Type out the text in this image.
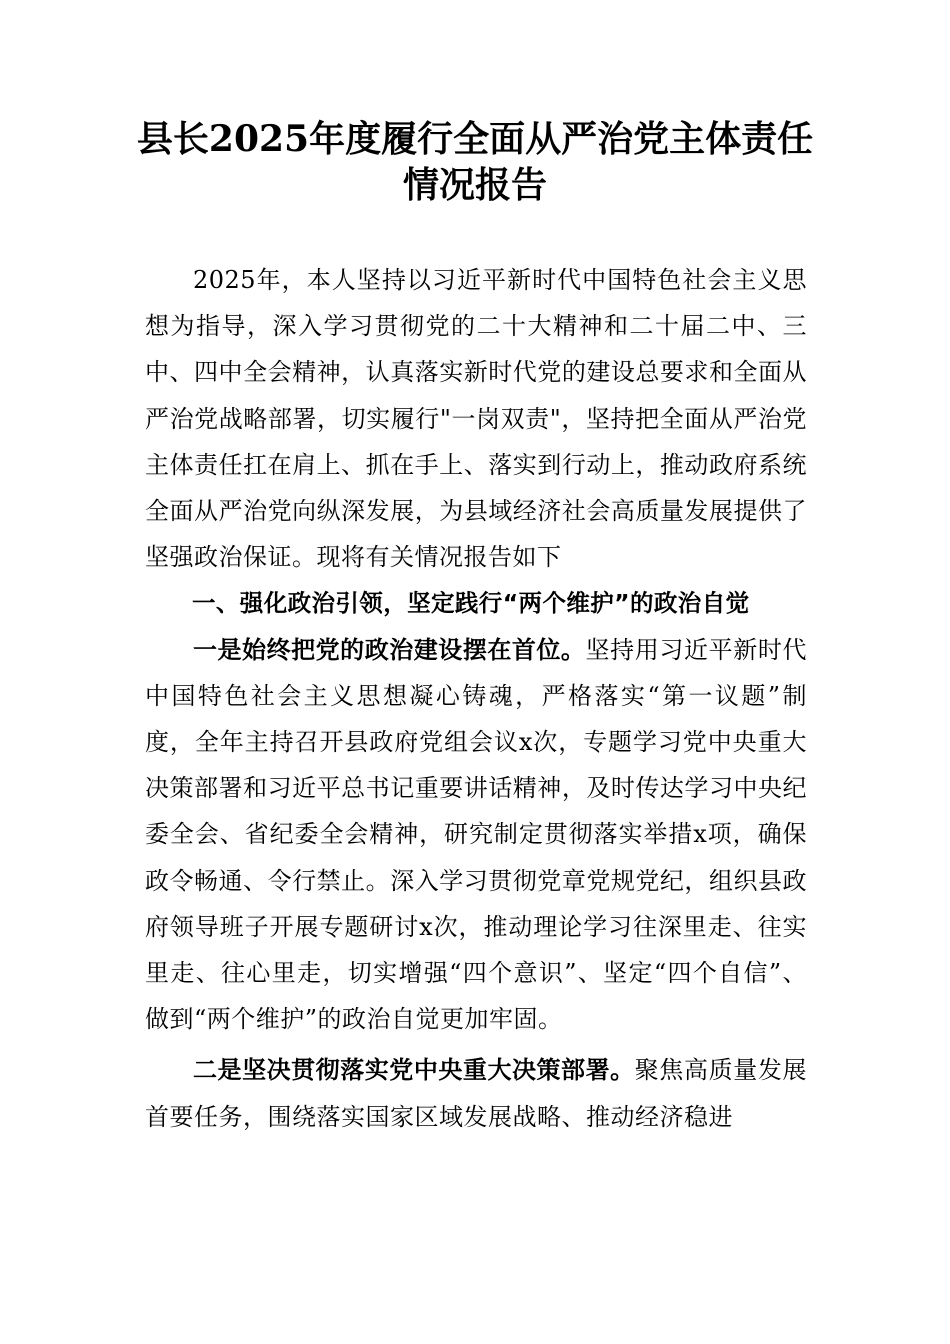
县长2025年度履行全面从严治党主体责任
情况报告

2025年，本人坚持以习近平新时代中国特色社会主义思想为指导，深入学习贯彻党的二十大精神和二十届二中、三中、四中全会精神，认真落实新时代党的建设总要求和全面从严治党战略部署，切实履行"一岗双责"，坚持把全面从严治党主体责任扛在肩上、抓在手上、落实到行动上，推动政府系统全面从严治党向纵深发展，为县域经济社会高质量发展提供了坚强政治保证。现将有关情况报告如下

一、强化政治引领，坚定践行“两个维护”的政治自觉

一是始终把党的政治建设摆在首位。坚持用习近平新时代中国特色社会主义思想凝心铸魂，严格落实“第一议题”制度，全年主持召开县政府党组会议x次，专题学习党中央重大决策部署和习近平总书记重要讲话精神，及时传达学习中央纪委全会、省纪委全会精神，研究制定贯彻落实举措x项，确保政令畅通、令行禁止。深入学习贯彻党章党规党纪，组织县政府领导班子开展专题研讨x次，推动理论学习往深里走、往实里走、往心里走，切实增强“四个意识”、坚定“四个自信”、做到“两个维护”的政治自觉更加牢固。

二是坚决贯彻落实党中央重大决策部署。聚焦高质量发展首要任务，围绕落实国家区域发展战略、推动经济稳进
